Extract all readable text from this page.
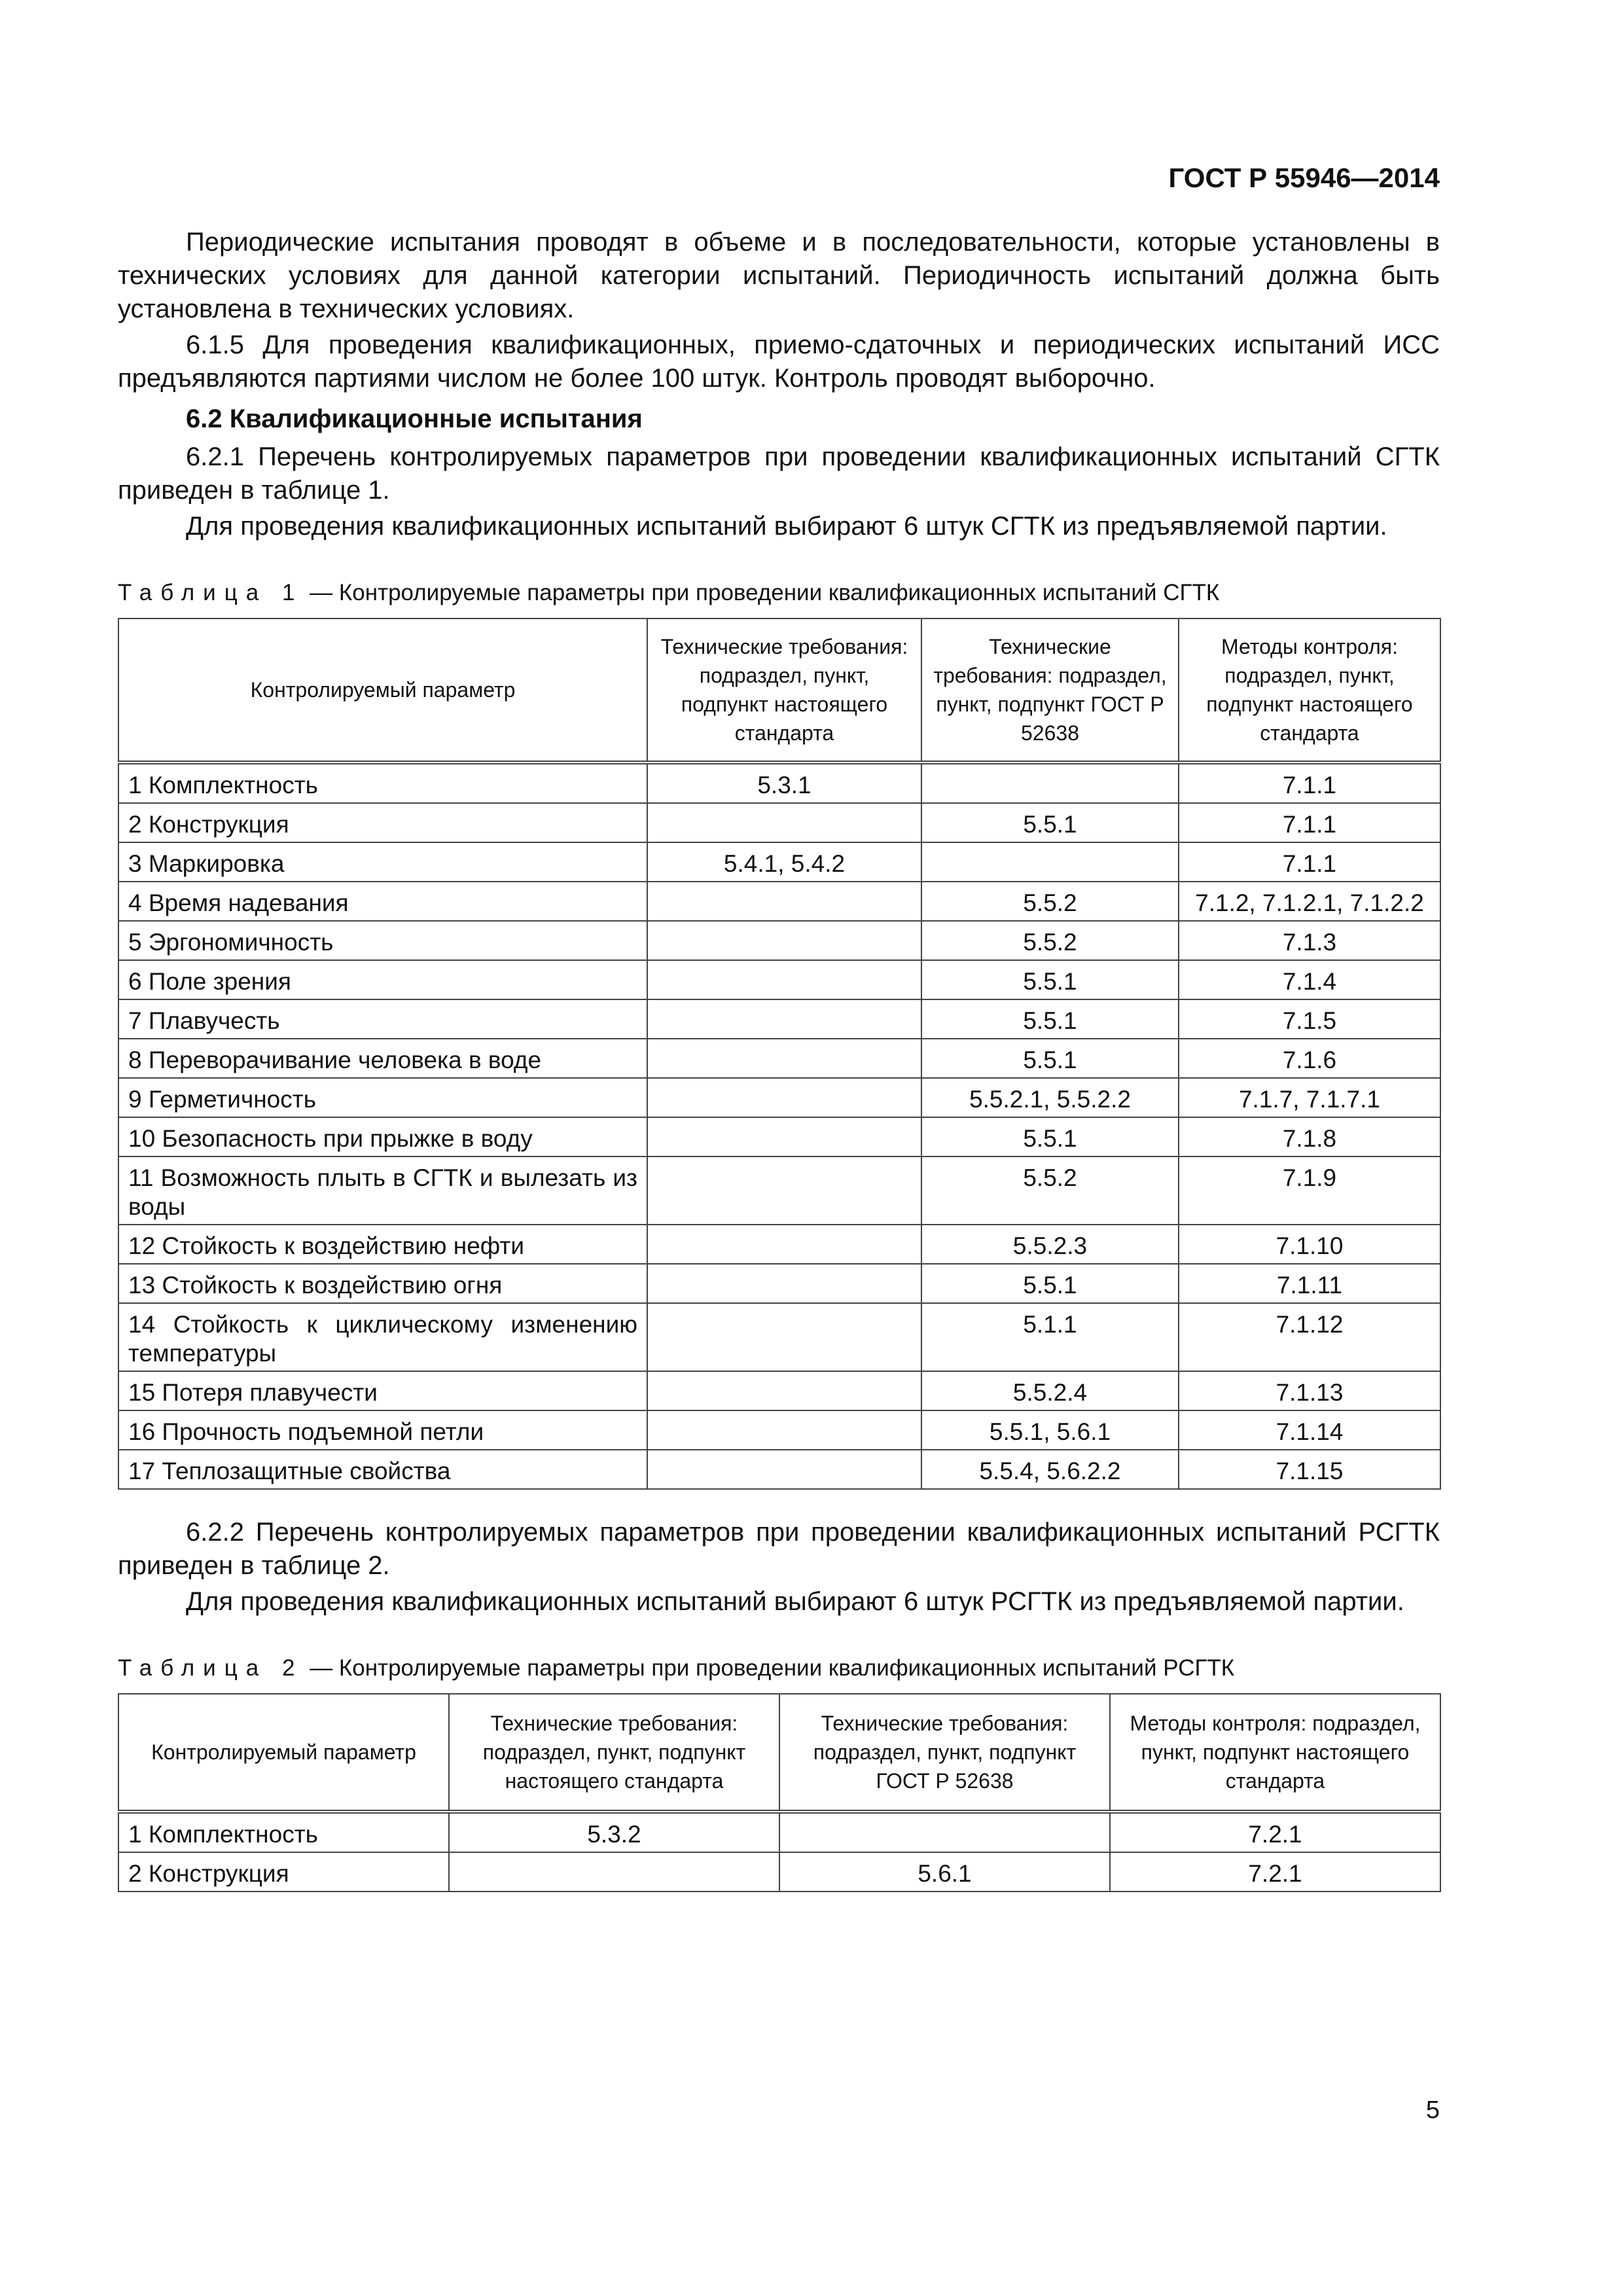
ГОСТ Р 55946—2014

Периодические испытания проводят в объеме и в последовательности, которые установлены в технических условиях для данной категории испытаний. Периодичность испытаний должна быть установлена в технических условиях.

6.1.5 Для проведения квалификационных, приемо-сдаточных и периодических испытаний ИСС предъявляются партиями числом не более 100 штук. Контроль проводят выборочно.

6.2 Квалификационные испытания

6.2.1 Перечень контролируемых параметров при проведении квалификационных испытаний СГТК приведен в таблице 1.

Для проведения квалификационных испытаний выбирают 6 штук СГТК из предъявляемой партии.

Таблица 1 — Контролируемые параметры при проведении квалификационных испытаний СГТК
Контролируемый параметр	Технические требования: подраздел, пункт, подпункт настоящего стандарта	Технические требования: подраздел, пункт, подпункт ГОСТ Р 52638	Методы контроля: подраздел, пункт, подпункт настоящего стандарта
1 Комплектность	5.3.1		7.1.1
2 Конструкция		5.5.1	7.1.1
3 Маркировка	5.4.1, 5.4.2		7.1.1
4 Время надевания		5.5.2	7.1.2, 7.1.2.1, 7.1.2.2
5 Эргономичность		5.5.2	7.1.3
6 Поле зрения		5.5.1	7.1.4
7 Плавучесть		5.5.1	7.1.5
8 Переворачивание человека в воде		5.5.1	7.1.6
9 Герметичность		5.5.2.1, 5.5.2.2	7.1.7, 7.1.7.1
10 Безопасность при прыжке в воду		5.5.1	7.1.8
11 Возможность плыть в СГТК и вылезать из воды		5.5.2	7.1.9
12 Стойкость к воздействию нефти		5.5.2.3	7.1.10
13 Стойкость к воздействию огня		5.5.1	7.1.11
14 Стойкость к циклическому изменению температуры		5.1.1	7.1.12
15 Потеря плавучести		5.5.2.4	7.1.13
16 Прочность подъемной петли		5.5.1, 5.6.1	7.1.14
17 Теплозащитные свойства		5.5.4, 5.6.2.2	7.1.15

6.2.2 Перечень контролируемых параметров при проведении квалификационных испытаний РСГТК приведен в таблице 2.

Для проведения квалификационных испытаний выбирают 6 штук РСГТК из предъявляемой партии.

Таблица 2 — Контролируемые параметры при проведении квалификационных испытаний РСГТК
Контролируемый параметр	Технические требования: подраздел, пункт, подпункт настоящего стандарта	Технические требования: подраздел, пункт, подпункт ГОСТ Р 52638	Методы контроля: подраздел, пункт, подпункт настоящего стандарта
1 Комплектность	5.3.2		7.2.1
2 Конструкция		5.6.1	7.2.1
5
